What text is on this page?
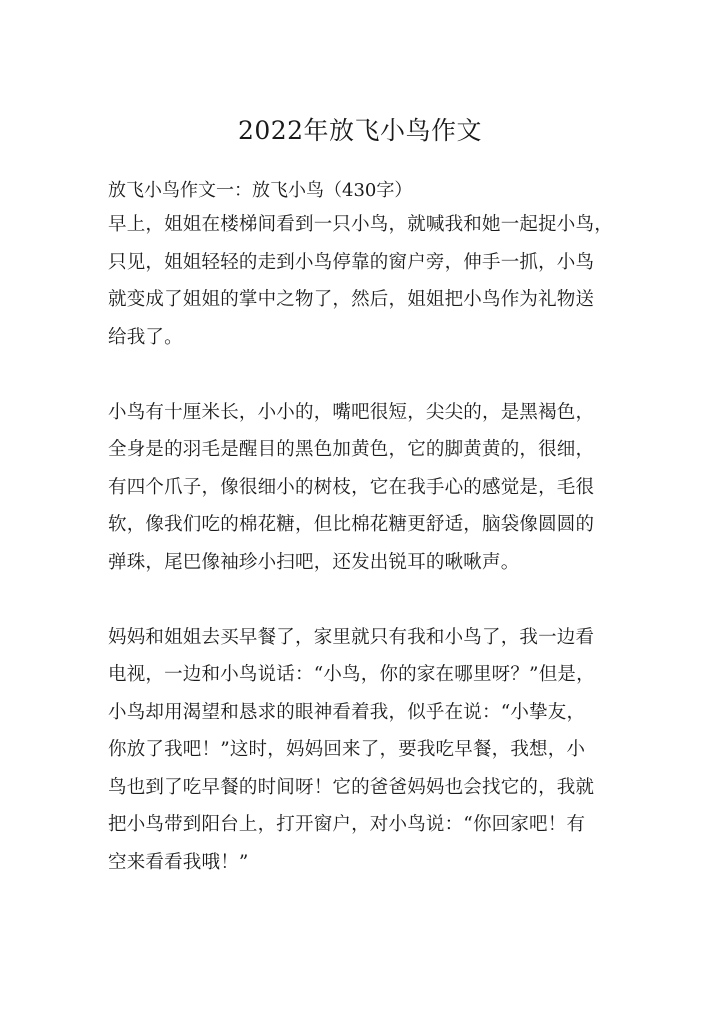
2022年放飞小鸟作文
放飞小鸟作文一：放飞小鸟（430字）
早上，姐姐在楼梯间看到一只小鸟，就喊我和她一起捉小鸟，
只见，姐姐轻轻的走到小鸟停靠的窗户旁，伸手一抓，小鸟
就变成了姐姐的掌中之物了，然后，姐姐把小鸟作为礼物送
给我了。
小鸟有十厘米长，小小的，嘴吧很短，尖尖的，是黑褐色，
全身是的羽毛是醒目的黑色加黄色，它的脚黄黄的，很细，
有四个爪子，像很细小的树枝，它在我手心的感觉是，毛很
软，像我们吃的棉花糖，但比棉花糖更舒适，脑袋像圆圆的
弹珠，尾巴像袖珍小扫吧，还发出锐耳的啾啾声。
妈妈和姐姐去买早餐了，家里就只有我和小鸟了，我一边看
电视，一边和小鸟说话：“小鸟，你的家在哪里呀？”但是，
小鸟却用渴望和恳求的眼神看着我，似乎在说：“小挚友，
你放了我吧！”这时，妈妈回来了，要我吃早餐，我想，小
鸟也到了吃早餐的时间呀！它的爸爸妈妈也会找它的，我就
把小鸟带到阳台上，打开窗户，对小鸟说：“你回家吧！有
空来看看我哦！”
